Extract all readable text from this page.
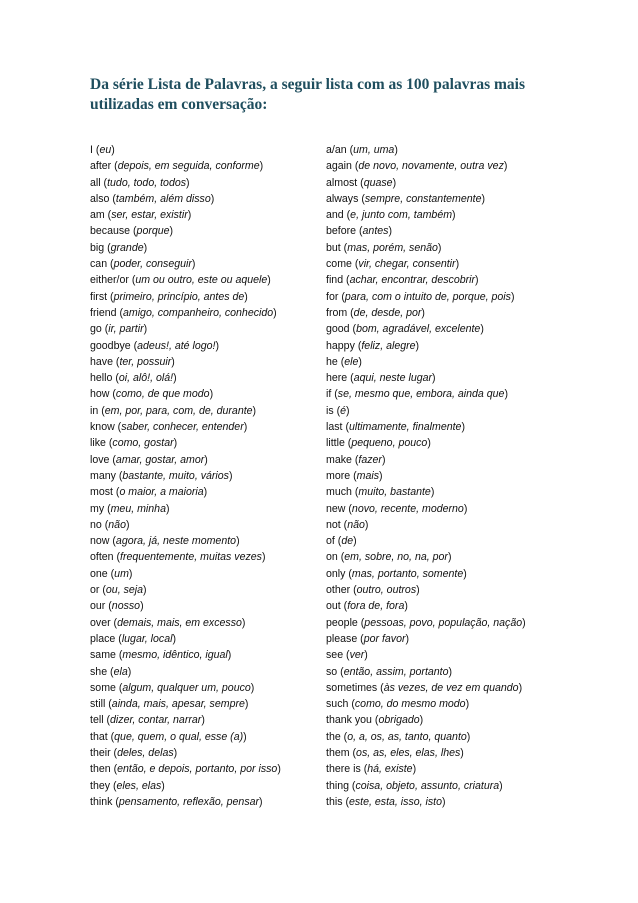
Da série Lista de Palavras, a seguir lista com as 100 palavras mais utilizadas em conversação:
I (eu)
after (depois, em seguida, conforme)
all (tudo, todo, todos)
also (também, além disso)
am (ser, estar, existir)
because (porque)
big (grande)
can (poder, conseguir)
either/or (um ou outro, este ou aquele)
first (primeiro, princípio, antes de)
friend (amigo, companheiro, conhecido)
go (ir, partir)
goodbye (adeus!, até logo!)
have (ter, possuir)
hello (oi, alô!, olá!)
how (como, de que modo)
in (em, por, para, com, de, durante)
know (saber, conhecer, entender)
like (como, gostar)
love (amar, gostar, amor)
many (bastante, muito, vários)
most (o maior, a maioria)
my (meu, minha)
no (não)
now (agora, já, neste momento)
often (frequentemente, muitas vezes)
one (um)
or (ou, seja)
our (nosso)
over (demais, mais, em excesso)
place (lugar, local)
same (mesmo, idêntico, igual)
she (ela)
some (algum, qualquer um, pouco)
still (ainda, mais, apesar, sempre)
tell (dizer, contar, narrar)
that (que, quem, o qual, esse (a))
their (deles, delas)
then (então, e depois, portanto, por isso)
they (eles, elas)
think (pensamento, reflexão, pensar)
a/an (um, uma)
again (de novo, novamente, outra vez)
almost (quase)
always (sempre, constantemente)
and (e, junto com, também)
before (antes)
but (mas, porém, senão)
come (vir, chegar, consentir)
find (achar, encontrar, descobrir)
for (para, com o intuito de, porque, pois)
from (de, desde, por)
good (bom, agradável, excelente)
happy (feliz, alegre)
he (ele)
here (aqui, neste lugar)
if (se, mesmo que, embora, ainda que)
is (é)
last (ultimamente, finalmente)
little (pequeno, pouco)
make (fazer)
more (mais)
much (muito, bastante)
new (novo, recente, moderno)
not (não)
of (de)
on (em, sobre, no, na, por)
only (mas, portanto, somente)
other (outro, outros)
out (fora de, fora)
people (pessoas, povo, população, nação)
please (por favor)
see (ver)
so (então, assim, portanto)
sometimes (às vezes, de vez em quando)
such (como, do mesmo modo)
thank you (obrigado)
the (o, a, os, as, tanto, quanto)
them (os, as, eles, elas, lhes)
there is (há, existe)
thing (coisa, objeto, assunto, criatura)
this (este, esta, isso, isto)
